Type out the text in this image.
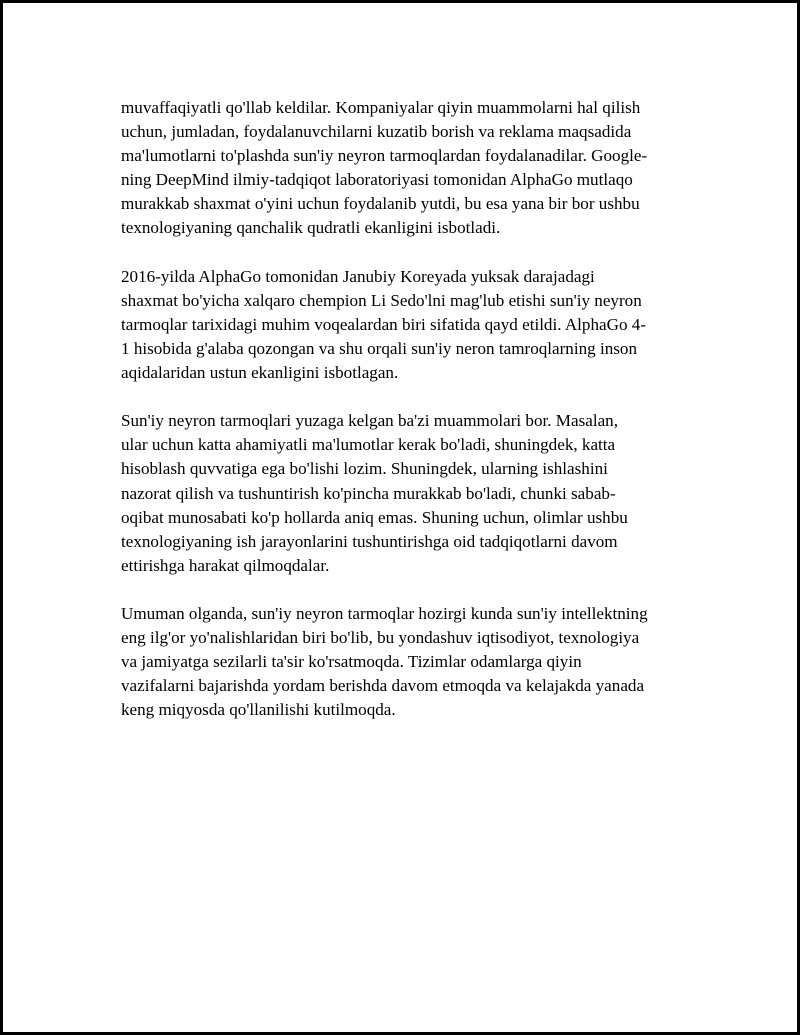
muvaffaqiyatli qo'llab keldilar. Kompaniyalar qiyin muammolarni hal qilish
uchun, jumladan, foydalanuvchilarni kuzatib borish va reklama maqsadida
ma'lumotlarni to'plashda sun'iy neyron tarmoqlardan foydalanadilar. Google-
ning DeepMind ilmiy-tadqiqot laboratoriyasi tomonidan AlphaGo mutlaqo
murakkab shaxmat o'yini uchun foydalanib yutdi, bu esa yana bir bor ushbu
texnologiyaning qanchalik qudratli ekanligini isbotladi.

2016-yilda AlphaGo tomonidan Janubiy Koreyada yuksak darajadagi
shaxmat bo'yicha xalqaro chempion Li Sedo'lni mag'lub etishi sun'iy neyron
tarmoqlar tarixidagi muhim voqealardan biri sifatida qayd etildi. AlphaGo 4-
1 hisobida g'alaba qozongan va shu orqali sun'iy neron tamroqlarning inson
aqidalaridan ustun ekanligini isbotlagan.

Sun'iy neyron tarmoqlari yuzaga kelgan ba'zi muammolari bor. Masalan,
ular uchun katta ahamiyatli ma'lumotlar kerak bo'ladi, shuningdek, katta
hisoblash quvvatiga ega bo'lishi lozim. Shuningdek, ularning ishlashini
nazorat qilish va tushuntirish ko'pincha murakkab bo'ladi, chunki sabab-
oqibat munosabati ko'p hollarda aniq emas. Shuning uchun, olimlar ushbu
texnologiyaning ish jarayonlarini tushuntirishga oid tadqiqotlarni davom
ettirishga harakat qilmoqdalar.

Umuman olganda, sun'iy neyron tarmoqlar hozirgi kunda sun'iy intellektning
eng ilg'or yo'nalishlaridan biri bo'lib, bu yondashuv iqtisodiyot, texnologiya
va jamiyatga sezilarli ta'sir ko'rsatmoqda. Tizimlar odamlarga qiyin
vazifalarni bajarishda yordam berishda davom etmoqda va kelajakda yanada
keng miqyosda qo'llanilishi kutilmoqda.
